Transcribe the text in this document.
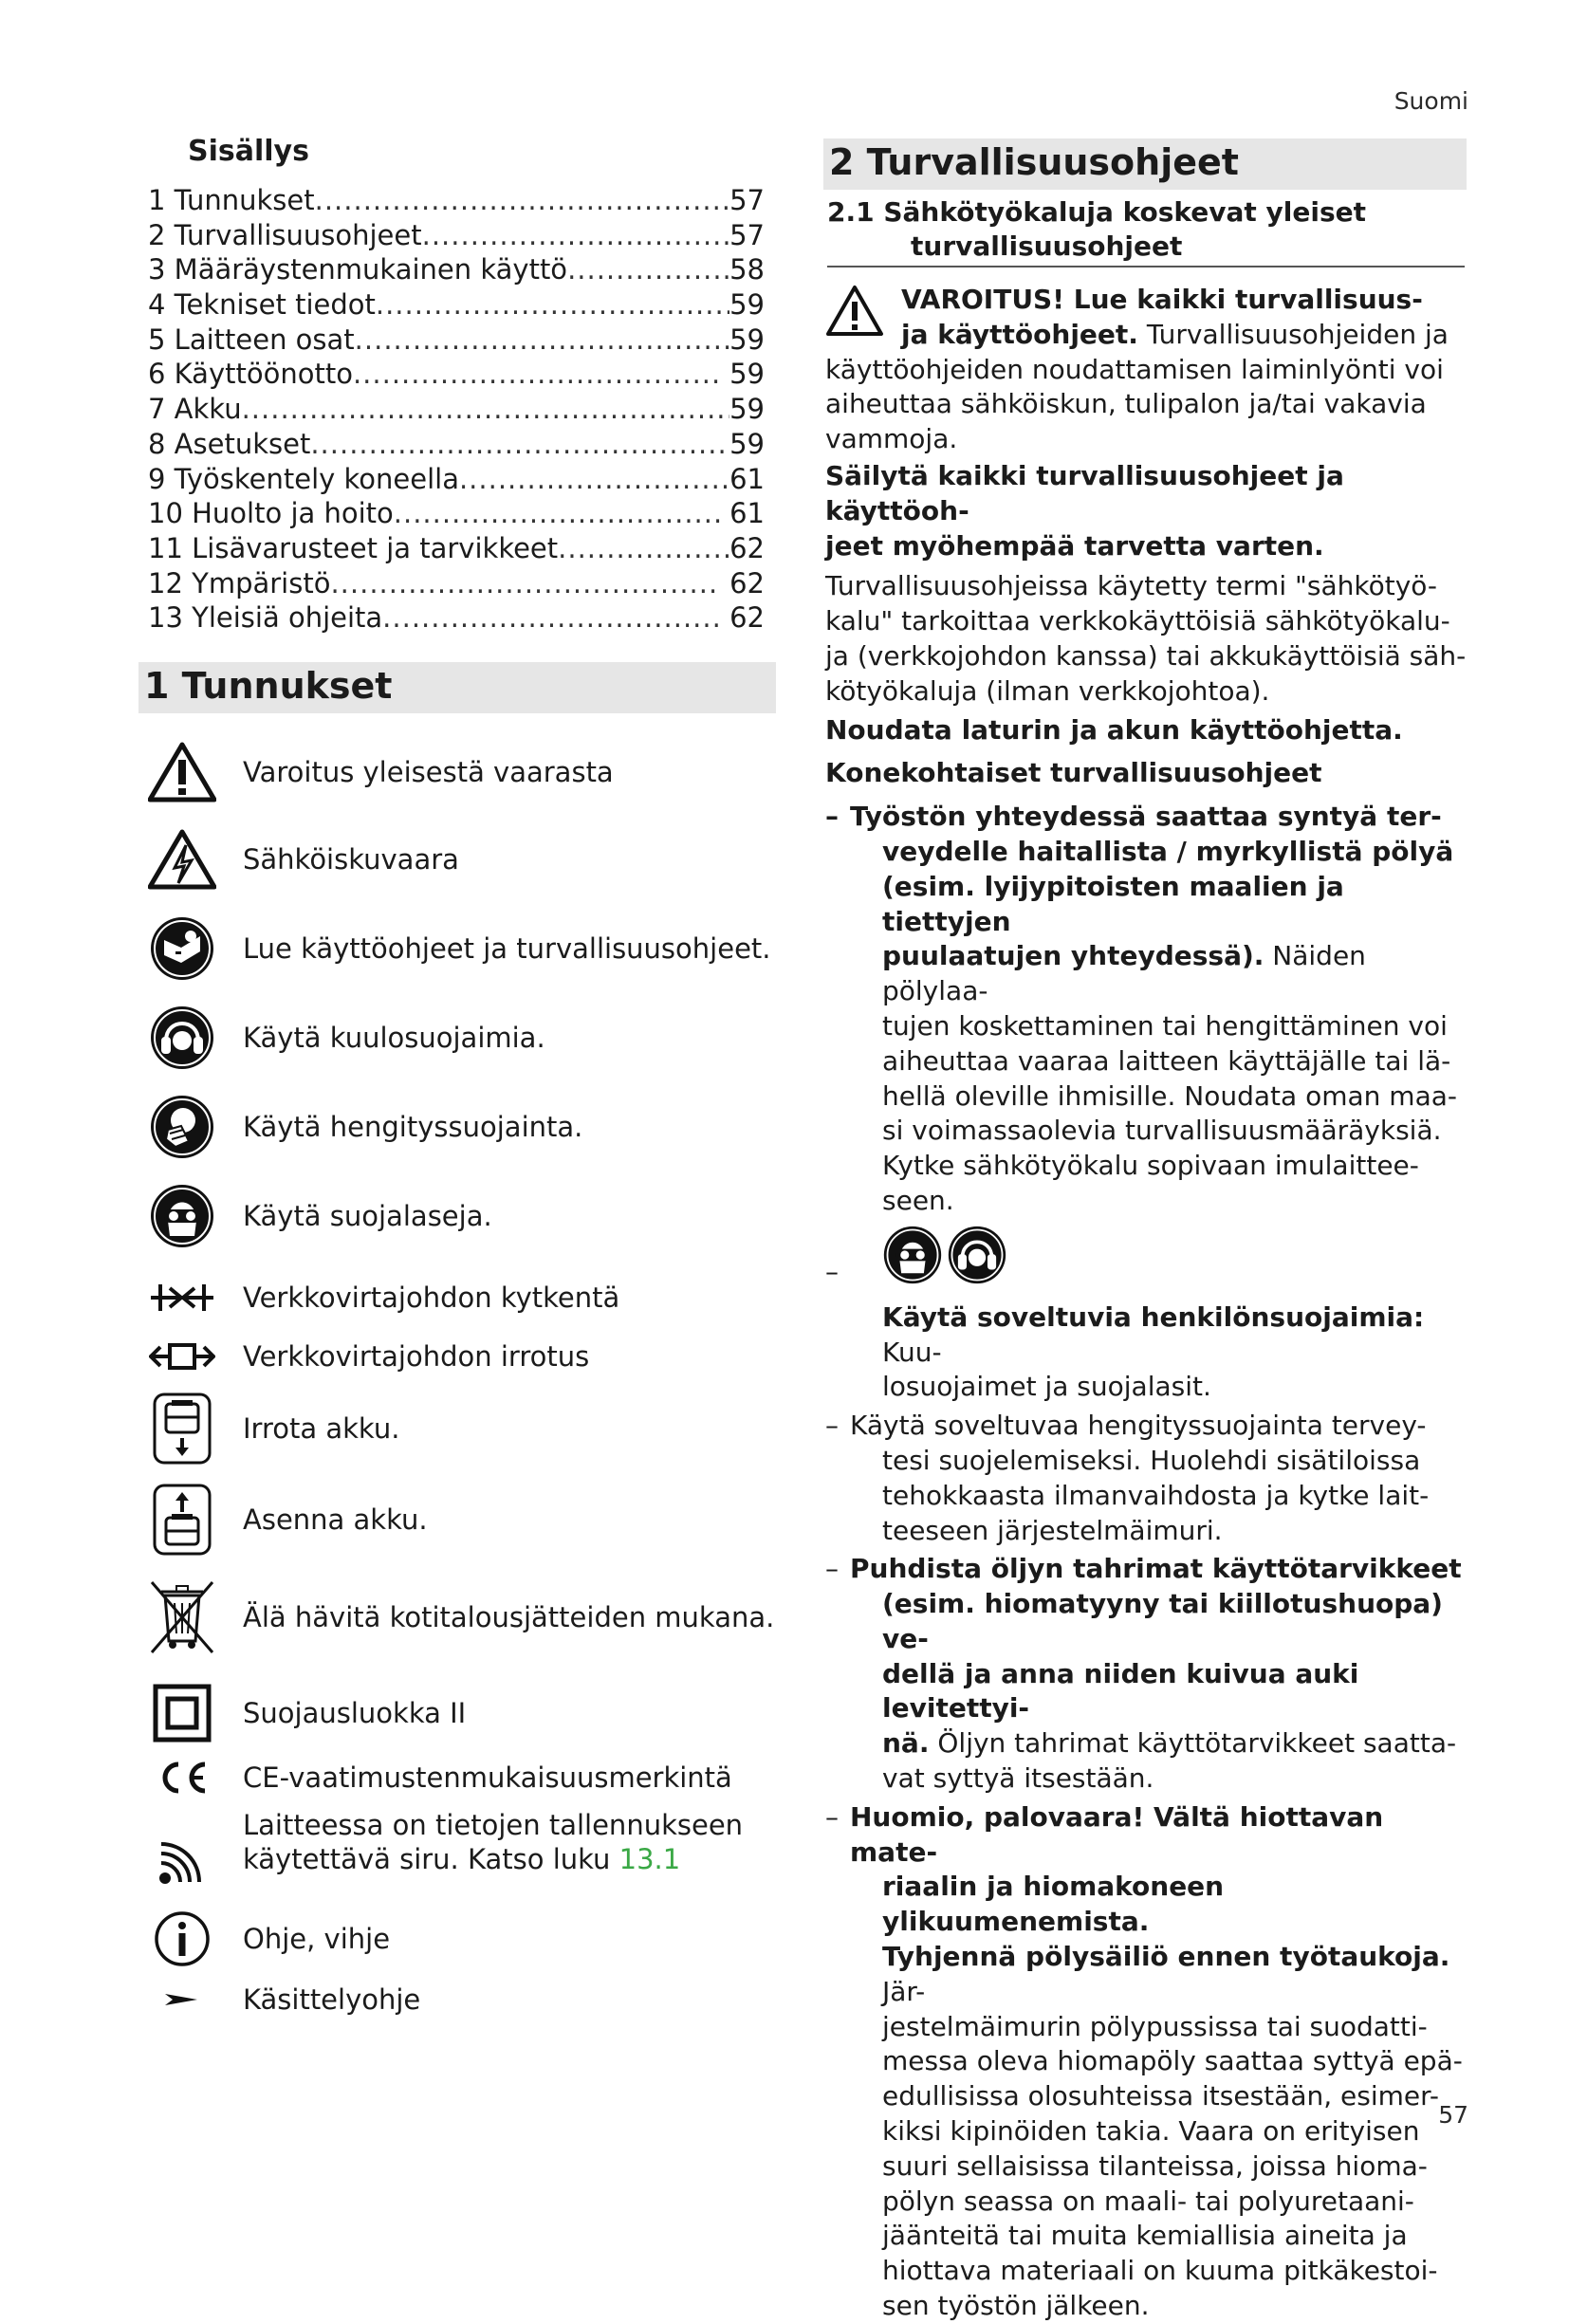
Suomi
Sisällys
1 Tunnukset .....	57
2 Turvallisuusohjeet .....	57
3 Määräystenmukainen käyttö .....	58
4 Tekniset tiedot .....	59
5 Laitteen osat .....	59
6 Käyttöönotto .....	59
7 Akku .....	59
8 Asetukset .....	59
9 Työskentely koneella .....	61
10 Huolto ja hoito .....	61
11 Lisävarusteet ja tarvikkeet .....	62
12 Ympäristö .....	62
13 Yleisiä ohjeita .....	62
1 Tunnukset
Varoitus yleisestä vaarasta
Sähköiskuvaara
Lue käyttöohjeet ja turvallisuusohjeet.
Käytä kuulosuojaimia.
Käytä hengityssuojainta.
Käytä suojalaseja.
Verkkovirtajohdon kytkentä
Verkkovirtajohdon irrotus
Irrota akku.
Asenna akku.
Älä hävitä kotitalousjätteiden mukana.
Suojausluokka II
CE-vaatimustenmukaisuusmerkintä
Laitteessa on tietojen tallennukseen
käytettävä siru. Katso luku 13.1
Ohje, vihje
Käsittelyohje
2 Turvallisuusohjeet
2.1 Sähkötyökaluja koskevat yleiset
turvallisuusohjeet
VAROITUS! Lue kaikki turvallisuus-
ja käyttöohjeet. Turvallisuusohjeiden ja
käyttöohjeiden noudattamisen laiminlyönti voi
aiheuttaa sähköiskun, tulipalon ja/tai vakavia
vammoja.
Säilytä kaikki turvallisuusohjeet ja käyttöoh-
jeet myöhempää tarvetta varten.
Turvallisuusohjeissa käytetty termi "sähkötyö-
kalu" tarkoittaa verkkokäyttöisiä sähkötyökalu-
ja (verkkojohdon kanssa) tai akkukäyttöisiä säh-
kötyökaluja (ilman verkkojohtoa).
Noudata laturin ja akun käyttöohjetta.
Konekohtaiset turvallisuusohjeet
– Työstön yhteydessä saattaa syntyä ter-
veydelle haitallista / myrkyllistä pölyä
(esim. lyijypitoisten maalien ja tiettyjen
puulaatujen yhteydessä). Näiden pölylaa-
tujen koskettaminen tai hengittäminen voi
aiheuttaa vaaraa laitteen käyttäjälle tai lä-
hellä oleville ihmisille. Noudata oman maa-
si voimassaolevia turvallisuusmääräyksiä.
Kytke sähkötyökalu sopivaan imulaittee-
seen.
–
Käytä soveltuvia henkilönsuojaimia: Kuu-
losuojaimet ja suojalasit.
– Käytä soveltuvaa hengityssuojainta tervey-
tesi suojelemiseksi. Huolehdi sisätiloissa
tehokkaasta ilmanvaihdosta ja kytke lait-
teeseen järjestelmäimuri.
– Puhdista öljyn tahrimat käyttötarvikkeet
(esim. hiomatyyny tai kiillotushuopa) ve-
dellä ja anna niiden kuivua auki levitettyi-
nä. Öljyn tahrimat käyttötarvikkeet saatta-
vat syttyä itsestään.
– Huomio, palovaara! Vältä hiottavan mate-
riaalin ja hiomakoneen ylikuumenemista.
Tyhjennä pölysäiliö ennen työtaukoja. Jär-
jestelmäimurin pölypussissa tai suodatti-
messa oleva hiomapöly saattaa syttyä epä-
edullisissa olosuhteissa itsestään, esimer-
kiksi kipinöiden takia. Vaara on erityisen
suuri sellaisissa tilanteissa, joissa hioma-
pölyn seassa on maali- tai polyuretaani-
jäänteitä tai muita kemiallisia aineita ja
hiottava materiaali on kuuma pitkäkestoi-
sen työstön jälkeen.
57
